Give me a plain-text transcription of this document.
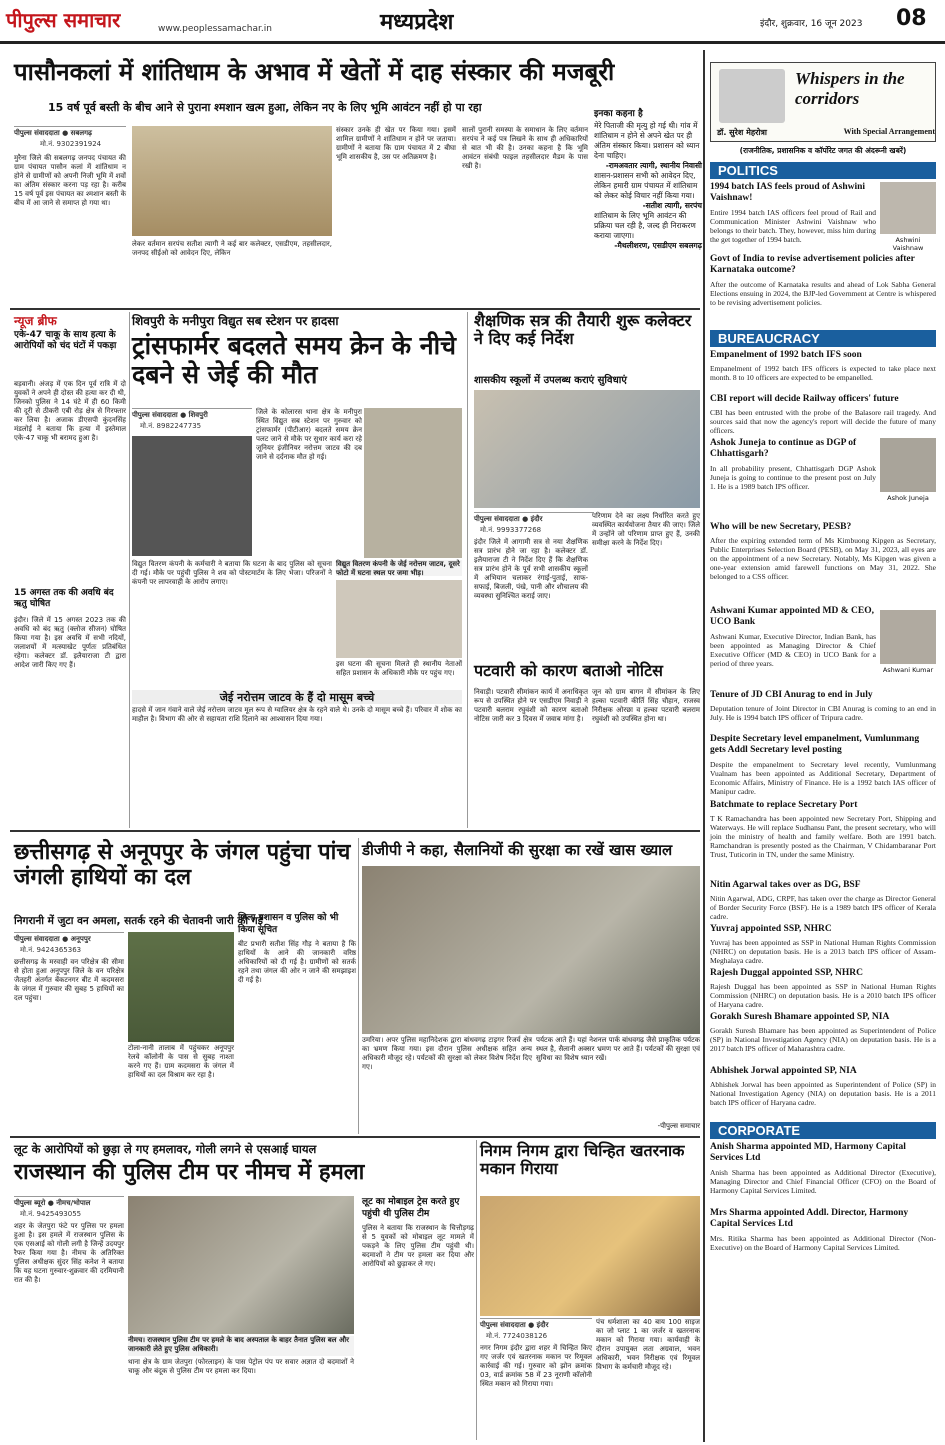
पीपुल्स समाचार	www.peoplessamachar.in	मध्यप्रदेश	इंदौर, शुक्रवार, 16 जून 2023 08
पासौनकलां में शांतिधाम के अभाव में खेतों में दाह संस्कार की मजबूरी
15 वर्ष पूर्व बस्ती के बीच आने से पुराना श्मशान खत्म हुआ, लेकिन नए के लिए भूमि आवंटन नहीं हो पा रहा
पीपुल्स संवाददाता ● सबलगढ़
मो.नं. 9302391924
मुरैना जिले की सबलगढ़ जनपद पंचायत की ग्राम पंचायत पासौन कलां में शांतिधाम न होने से ग्रामीणों को अपनी निजी भूमि में शवों का अंतिम संस्कार करना पड़ रहा है। करीब 15 वर्ष पूर्व इस पंचायत का श्मशान बस्ती के बीच में आ जाने से समाप्त हो गया था।
लेकर वर्तमान सरपंच सतीश त्यागी ने कई बार कलेक्टर, एसडीएम, तहसीलदार, जनपद सीईओ को आवेदन दिए, लेकिन
संस्कार उनके ही खेत पर किया गया। इसमें शामिल ग्रामीणों ने शांतिधाम न होने पर जताया। ग्रामीणों ने बताया कि ग्राम पंचायत में 2 बीघा भूमि शासकीय है, उस पर अतिक्रमण है।
सालों पुरानी समस्या के समाधान के लिए वर्तमान सरपंच ने कई पत्र लिखने के साथ ही अधिकारियों से बात भी की है। उनका कहना है कि भूमि आवंटन संबंधी फाइल तहसीलदार मैडम के पास रखी है।
इनका कहना है
मेरे पिताजी की मृत्यु हो गई थी। गांव में शांतिधाम न होने से अपने खेत पर ही अंतिम संस्कार किया। प्रशासन को ध्यान देना चाहिए।
-रामअवतार त्यागी, स्थानीय निवासी
शासन-प्रशासन सभी को आवेदन दिए, लेकिन हमारी ग्राम पंचायत में शांतिधाम को लेकर कोई विचार नहीं किया गया।
-सतीश त्यागी, सरपंच
शांतिधाम के लिए भूमि आवंटन की प्रक्रिया चल रही है, जल्द ही निराकरण कराया जाएगा।
-मैथलीशरण, एसडीएम सबलगढ़
न्यूज ब्रीफ
एके-47 चाकू के साथ हत्या के आरोपियों को चंद घंटों में पकड़ा
बड़वानी। अंजड़ में एक दिन पूर्व रात्रि में दो युवकों ने अपने ही दोस्त की हत्या कर दी थी, जिनको पुलिस ने 14 घंटे में ही 60 किमी की दूरी से ठीकरी एबी रोड़ क्षेत्र से गिरफ्तार कर लिया है। अजाक डीएसपी कुंदनसिंह मंडलोई ने बताया कि हत्या में इस्तेमाल एके-47 चाकू भी बरामद हुआ है।
15 अगस्त तक की अवधि बंद ऋतु घोषित
इंदौर। जिले में 15 अगस्त 2023 तक की अवधि को बंद ऋतु (क्लोज सीजन) घोषित किया गया है। इस अवधि में सभी नदियों, जलाशयों में मत्स्याखेट पूर्णतः प्रतिबंधित रहेगा। कलेक्टर डॉ. इलैयाराजा टी द्वारा आदेश जारी किए गए हैं।
शिवपुरी के मनीपुरा विद्युत सब स्टेशन पर हादसा
ट्रांसफार्मर बदलते समय क्रेन के नीचे दबने से जेई की मौत
पीपुल्स संवाददाता ● शिवपुरी
मो.नं. 8982247735
जिले के कोलारस थाना क्षेत्र के मनीपुरा स्थित विद्युत सब स्टेशन पर गुरुवार को ट्रांसफार्मर (पीटीआर) बदलते समय क्रेन पलट जाने से मौके पर सुधार कार्य करा रहे जूनियर इंजीनियर नरोत्तम जाटव की दब जाने से दर्दनाक मौत हो गई।
विद्युत वितरण कंपनी के कर्मचारी ने बताया कि घटना के बाद पुलिस को सूचना दी गई। मौके पर पहुंची पुलिस ने शव को पोस्टमार्टम के लिए भेजा। परिजनों ने कंपनी पर लापरवाही के आरोप लगाए।
विद्युत वितरण कंपनी के जेई नरोत्तम जाटव, दूसरे फोटो में घटना स्थल पर जमा भीड़।
इस घटना की सूचना मिलते ही स्थानीय नेताओं सहित प्रशासन के अधिकारी मौके पर पहुंच गए।
जेई नरोत्तम जाटव के हैं दो मासूम बच्चे
हादसे में जान गंवाने वाले जेई नरोत्तम जाटव मूल रूप से ग्वालियर क्षेत्र के रहने वाले थे। उनके दो मासूम बच्चे हैं। परिवार में शोक का माहौल है। विभाग की ओर से सहायता राशि दिलाने का आश्वासन दिया गया।
शैक्षणिक सत्र की तैयारी शुरू कलेक्टर ने दिए कई निर्देश
शासकीय स्कूलों में उपलब्ध कराएं सुविधाएं
पीपुल्स संवाददाता ● इंदौर
मो.नं. 9993377268
इंदौर जिले में आगामी सत्र से नया शैक्षणिक सत्र प्रारंभ होने जा रहा है। कलेक्टर डॉ. इलैयाराजा टी ने निर्देश दिए हैं कि शैक्षणिक सत्र प्रारंभ होने के पूर्व सभी शासकीय स्कूलों में अभियान चलाकर रंगाई-पुताई, साफ-सफाई, बिजली, पंखे, पानी और शौचालय की व्यवस्था सुनिश्चित कराई जाए।
परिणाम देने का लक्ष्य निर्धारित करते हुए व्यवस्थित कार्ययोजना तैयार की जाए। जिले में उन्होंने जो परिणाम प्राप्त हुए हैं, उनकी समीक्षा करने के निर्देश दिए।
पटवारी को कारण बताओ नोटिस
निवाड़ी। पटवारी सीमांकन कार्य में अनाधिकृत रूप से उपस्थित होने पर एसडीएम निवाड़ी ने पटवारी बलराम रघुवंशी को कारण बताओ नोटिस जारी कर 3 दिवस में जवाब मांगा है।
जून को ग्राम बागन में सीमांकन के लिए हल्का पटवारी कीर्ति सिंह चौहान, राजस्व निरीक्षक ओरछा व हल्का पटवारी बलराम रघुवंशी को उपस्थित होना था।
छत्तीसगढ़ से अनूपपुर के जंगल पहुंचा पांच जंगली हाथियों का दल
निगरानी में जुटा वन अमला, सतर्क रहने की चेतावनी जारी की गई
पीपुल्स संवाददाता ● अनूपपुर
मो.नं. 9424365363
छत्तीसगढ़ के मरवाही वन परिक्षेत्र की सीमा से होता हुआ अनूपपुर जिले के वन परिक्षेत्र जैतहरी अंतर्गत बेंकटनगर बीट में कदमसरा के जंगल में गुरुवार की सुबह 5 हाथियों का दल पहुंचा।
टोला-नानी तालाब में पहुंचकर अनूपपुर रेलवे कॉलोनी के पास से सुबह नाश्ता करने गए हैं। ग्राम कदमसरा के जंगल में हाथियों का दल विश्राम कर रहा है।
जिला प्रशासन व पुलिस को भी किया सूचित
बीट प्रभारी सतीश सिंह गौड़ ने बताया है कि हाथियों के आने की जानकारी वरिष्ठ अधिकारियों को दी गई है। ग्रामीणों को सतर्क रहने तथा जंगल की ओर न जाने की समझाइश दी गई है।
डीजीपी ने कहा, सैलानियों की सुरक्षा का रखें खास ख्याल
उमरिया। अपर पुलिस महानिदेशक द्वारा बांधवगढ़ टाइगर रिजर्व क्षेत्र का भ्रमण किया गया। इस दौरान पुलिस अधीक्षक सहित अन्य अधिकारी मौजूद रहे। पर्यटकों की सुरक्षा को लेकर विशेष निर्देश दिए गए।
पर्यटक आते हैं। यहां नेशनल पार्क बांधवगढ़ जैसे प्राकृतिक पर्यटक स्थल है, सैलानी अक्सर भ्रमण पर आते हैं। पर्यटकों की सुरक्षा एवं सुविधा का विशेष ध्यान रखें।
-पीपुल्स समाचार
लूट के आरोपियों को छुड़ा ले गए हमलावर, गोली लगने से एसआई घायल
राजस्थान की पुलिस टीम पर नीमच में हमला
पीपुल्स ब्यूरो ● नीमच/भोपाल
मो.नं. 9425493055
शहर के जेतपुरा फंटे पर पुलिस पर हमला हुआ है। इस हमले में राजस्थान पुलिस के एक एसआई को गोली लगी है जिन्हें उदयपुर रैफर किया गया है। नीमच के अतिरिक्त पुलिस अधीक्षक सुंदर सिंह कनेश ने बताया कि यह घटना गुरुवार-शुक्रवार की दरमियानी रात की है।
नीमच। राजस्थान पुलिस टीम पर हमले के बाद अस्पताल के बाहर तैनात पुलिस बल और जानकारी लेते हुए पुलिस अधिकारी।
थाना क्षेत्र के ग्राम जेतपुरा (फोरलाइन) के पास पेट्रोल पंप पर सवार अज्ञात दो बदमाशों ने चाकू और बंदूक से पुलिस टीम पर हमला कर दिया।
लूट का मोबाइल ट्रेस करते हुए पहुंची थी पुलिस टीम
पुलिस ने बताया कि राजस्थान के चित्तौड़गढ़ से 5 युवकों को मोबाइल लूट मामले में पकड़ने के लिए पुलिस टीम पहुंची थी। बदमाशों ने टीम पर हमला कर दिया और आरोपियों को छुड़ाकर ले गए।
निगम निगम द्वारा चिन्हित खतरनाक मकान गिराया
पीपुल्स संवाददाता ● इंदौर
मो.नं. 7724038126
नगर निगम इंदौर द्वारा शहर में चिन्हित किए गए जर्जर एवं खतरनाक मकान पर रिमूवल कार्रवाई की गई। गुरुवार को झोन क्रमांक 03, वार्ड क्रमांक 58 में 23 नूराणी कॉलोनी स्थित मकान को गिराया गया।
पंच धर्मशाला का 40 बाय 100 साइज का जो प्लाट 1 का जर्जर व खतरनाक मकान को गिराया गया। कार्यवाही के दौरान उपायुक्त लता अग्रवाल, भवन अधिकारी, भवन निरीक्षक एवं रिमूवल विभाग के कर्मचारी मौजूद रहे।
Whispers in the corridors
डॉ. सुरेश मेहरोत्रा	With Special Arrangement
(राजनीतिक, प्रशासनिक व कॉर्पोरेट जगत की अंदरूनी खबरें)
POLITICS
1994 batch IAS feels proud of Ashwini Vaishnaw!
Entire 1994 batch IAS officers feel proud of Rail and Communication Minister Ashwini Vaishnaw who belongs to their batch. They, however, miss him during the get together of 1994 batch.	Ashwini Vaishnaw
Govt of India to revise advertisement policies after Karnataka outcome?
After the outcome of Karnataka results and ahead of Lok Sabha General Elections ensuing in 2024, the BJP-led Government at Centre is whispered to be revising advertisement policies.
BUREAUCRACY
Empanelment of 1992 batch IFS soon
Empanelment of 1992 batch IFS officers is expected to take place next month. 8 to 10 officers are expected to be empanelled.
CBI report will decide Railway officers' future
CBI has been entrusted with the probe of the Balasore rail tragedy. And sources said that now the agency's report will decide the future of many officers.
Ashok Juneja to continue as DGP of Chhattisgarh?
In all probability present, Chhattisgarh DGP Ashok Juneja is going to continue to the present post on July 1. He is a 1989 batch IPS officer.
Ashok Juneja
Who will be new Secretary, PESB?
After the expiring extended term of Ms Kimbuong Kipgen as Secretary, Public Enterprises Selection Board (PESB), on May 31, 2023, all eyes are on the appointment of a new Secretary. Notably, Ms Kipgen was given a one-year extension amid farewell functions on May 31, 2022. She belonged to a CSS officer.
Ashwani Kumar appointed MD & CEO, UCO Bank
Ashwani Kumar, Executive Director, Indian Bank, has been appointed as Managing Director & Chief Executive Officer (MD & CEO) in UCO Bank for a period of three years.
Ashwani Kumar
Tenure of JD CBI Anurag to end in July
Deputation tenure of Joint Director in CBI Anurag is coming to an end in July. He is 1994 batch IPS officer of Tripura cadre.
Despite Secretary level empanelment, Vumlunmang gets Addl Secretary level posting
Despite the empanelment to Secretary level recently, Vumlunmang Vualnam has been appointed as Additional Secretary, Department of Economic Affairs, Ministry of Finance. He is a 1992 batch IAS officer of Manipur cadre.
Batchmate to replace Secretary Port
T K Ramachandra has been appointed new Secretary Port, Shipping and Waterways. He will replace Sudhansu Pant, the present secretary, who will join the ministry of health and family welfare. Both are 1991 batch. Ramchandran is presently posted as the Chairman, V Chidambaranar Port Trust, Tuticorin in TN, under the same Ministry.
Nitin Agarwal takes over as DG, BSF
Nitin Agarwal, ADG, CRPF, has taken over the charge as Director General of Border Security Force (BSF). He is a 1989 batch IPS officer of Kerala cadre.
Yuvraj appointed SSP, NHRC
Yuvraj has been appointed as SSP in National Human Rights Commission (NHRC) on deputation basis. He is a 2013 batch IPS officer of Assam-Meghalaya cadre.
Rajesh Duggal appointed SSP, NHRC
Rajesh Duggal has been appointed as SSP in National Human Rights Commission (NHRC) on deputation basis. He is a 2010 batch IPS officer of Haryana cadre.
Gorakh Suresh Bhamare appointed SP, NIA
Gorakh Suresh Bhamare has been appointed as Superintendent of Police (SP) in National Investigation Agency (NIA) on deputation basis. He is a 2017 batch IPS officer of Maharashtra cadre.
Abhishek Jorwal appointed SP, NIA
Abhishek Jorwal has been appointed as Superintendent of Police (SP) in National Investigation Agency (NIA) on deputation basis. He is a 2011 batch IPS officer of Haryana cadre.
CORPORATE
Anish Sharma appointed MD, Harmony Capital Services Ltd
Anish Sharma has been appointed as Additional Director (Executive), Managing Director and Chief Financial Officer (CFO) on the Board of Harmony Capital Services Limited.
Mrs Sharma appointed Addl. Director, Harmony Capital Services Ltd
Mrs. Ritika Sharma has been appointed as Additional Director (Non-Executive) on the Board of Harmony Capital Services Limited.
